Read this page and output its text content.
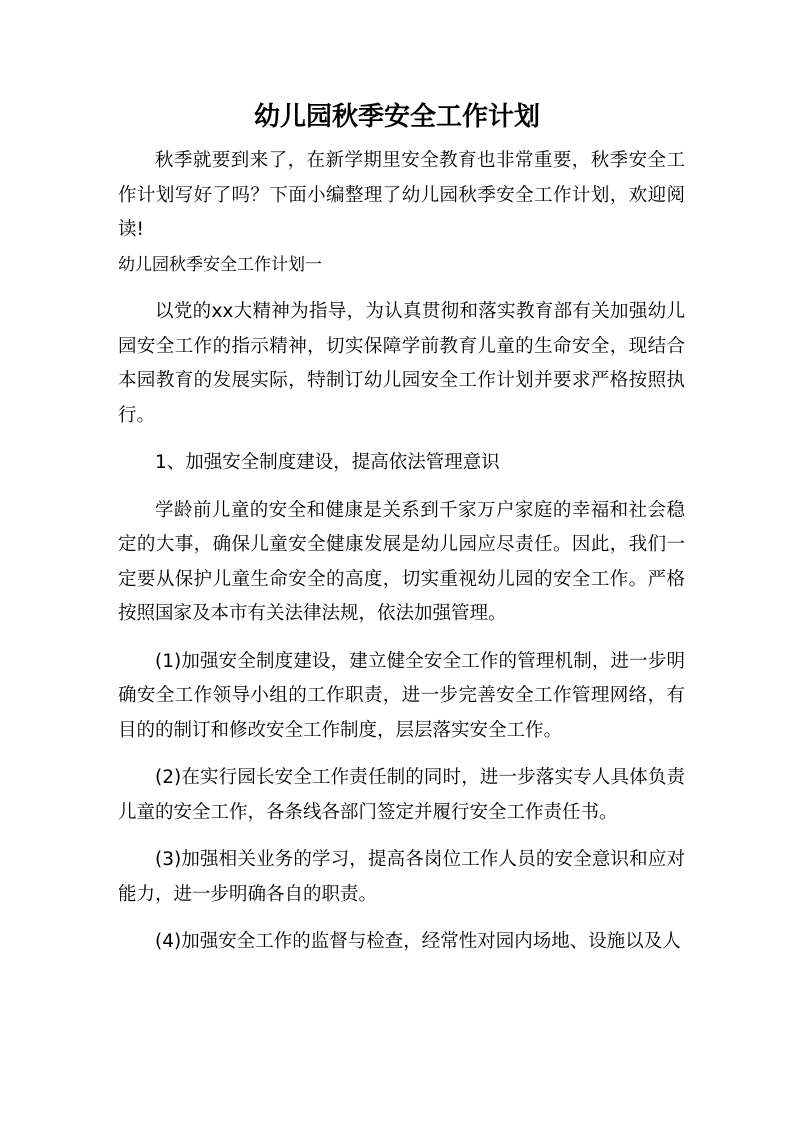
幼儿园秋季安全工作计划

秋季就要到来了，在新学期里安全教育也非常重要，秋季安全工作计划写好了吗？下面小编整理了幼儿园秋季安全工作计划，欢迎阅读!

幼儿园秋季安全工作计划一

以党的xx大精神为指导，为认真贯彻和落实教育部有关加强幼儿园安全工作的指示精神，切实保障学前教育儿童的生命安全，现结合本园教育的发展实际，特制订幼儿园安全工作计划并要求严格按照执行。

1、加强安全制度建设，提高依法管理意识

学龄前儿童的安全和健康是关系到千家万户家庭的幸福和社会稳定的大事，确保儿童安全健康发展是幼儿园应尽责任。因此，我们一定要从保护儿童生命安全的高度，切实重视幼儿园的安全工作。严格按照国家及本市有关法律法规，依法加强管理。

(1)加强安全制度建设，建立健全安全工作的管理机制，进一步明确安全工作领导小组的工作职责，进一步完善安全工作管理网络，有目的的制订和修改安全工作制度，层层落实安全工作。

(2)在实行园长安全工作责任制的同时，进一步落实专人具体负责儿童的安全工作，各条线各部门签定并履行安全工作责任书。

(3)加强相关业务的学习，提高各岗位工作人员的安全意识和应对能力，进一步明确各自的职责。

(4)加强安全工作的监督与检查，经常性对园内场地、设施以及人
